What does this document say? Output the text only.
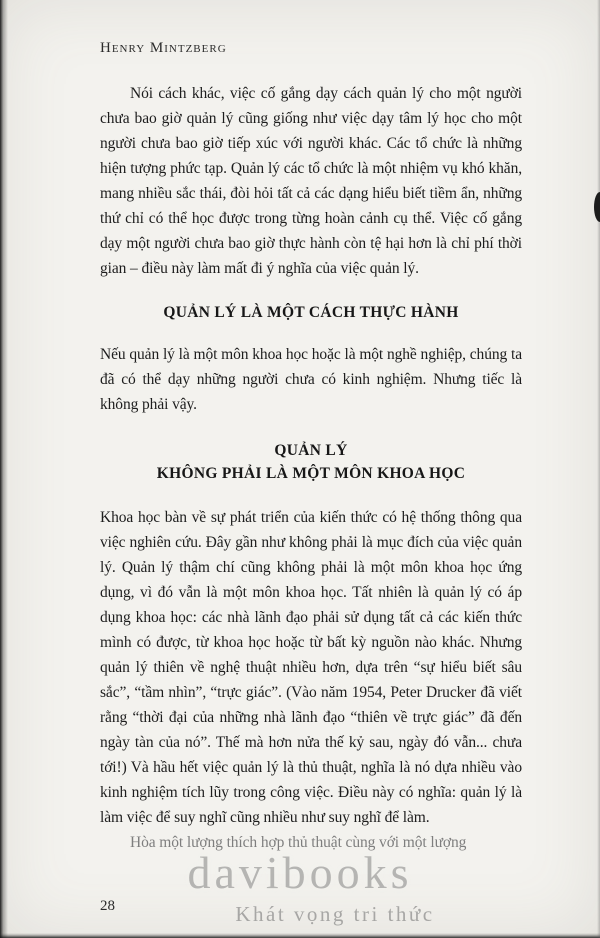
Henry Mintzberg

Nói cách khác, việc cố gắng dạy cách quản lý cho một người chưa bao giờ quản lý cũng giống như việc dạy tâm lý học cho một người chưa bao giờ tiếp xúc với người khác. Các tổ chức là những hiện tượng phức tạp. Quản lý các tổ chức là một nhiệm vụ khó khăn, mang nhiều sắc thái, đòi hỏi tất cả các dạng hiểu biết tiềm ẩn, những thứ chỉ có thể học được trong từng hoàn cảnh cụ thể. Việc cố gắng dạy một người chưa bao giờ thực hành còn tệ hại hơn là chỉ phí thời gian – điều này làm mất đi ý nghĩa của việc quản lý.

QUẢN LÝ LÀ MỘT CÁCH THỰC HÀNH

Nếu quản lý là một môn khoa học hoặc là một nghề nghiệp, chúng ta đã có thể dạy những người chưa có kinh nghiệm. Nhưng tiếc là không phải vậy.

QUẢN LÝ
KHÔNG PHẢI LÀ MỘT MÔN KHOA HỌC

Khoa học bàn về sự phát triển của kiến thức có hệ thống thông qua việc nghiên cứu. Đây gần như không phải là mục đích của việc quản lý. Quản lý thậm chí cũng không phải là một môn khoa học ứng dụng, vì đó vẫn là một môn khoa học. Tất nhiên là quản lý có áp dụng khoa học: các nhà lãnh đạo phải sử dụng tất cả các kiến thức mình có được, từ khoa học hoặc từ bất kỳ nguồn nào khác. Nhưng quản lý thiên về nghệ thuật nhiều hơn, dựa trên “sự hiểu biết sâu sắc”, “tầm nhìn”, “trực giác”. (Vào năm 1954, Peter Drucker đã viết rằng “thời đại của những nhà lãnh đạo “thiên về trực giác” đã đến ngày tàn của nó”. Thế mà hơn nửa thế kỷ sau, ngày đó vẫn... chưa tới!) Và hầu hết việc quản lý là thủ thuật, nghĩa là nó dựa nhiều vào kinh nghiệm tích lũy trong công việc. Điều này có nghĩa: quản lý là làm việc để suy nghĩ cũng nhiều như suy nghĩ để làm.

Hòa một lượng thích hợp thủ thuật cùng với một lượng

28
davibooks
Khát vọng tri thức
